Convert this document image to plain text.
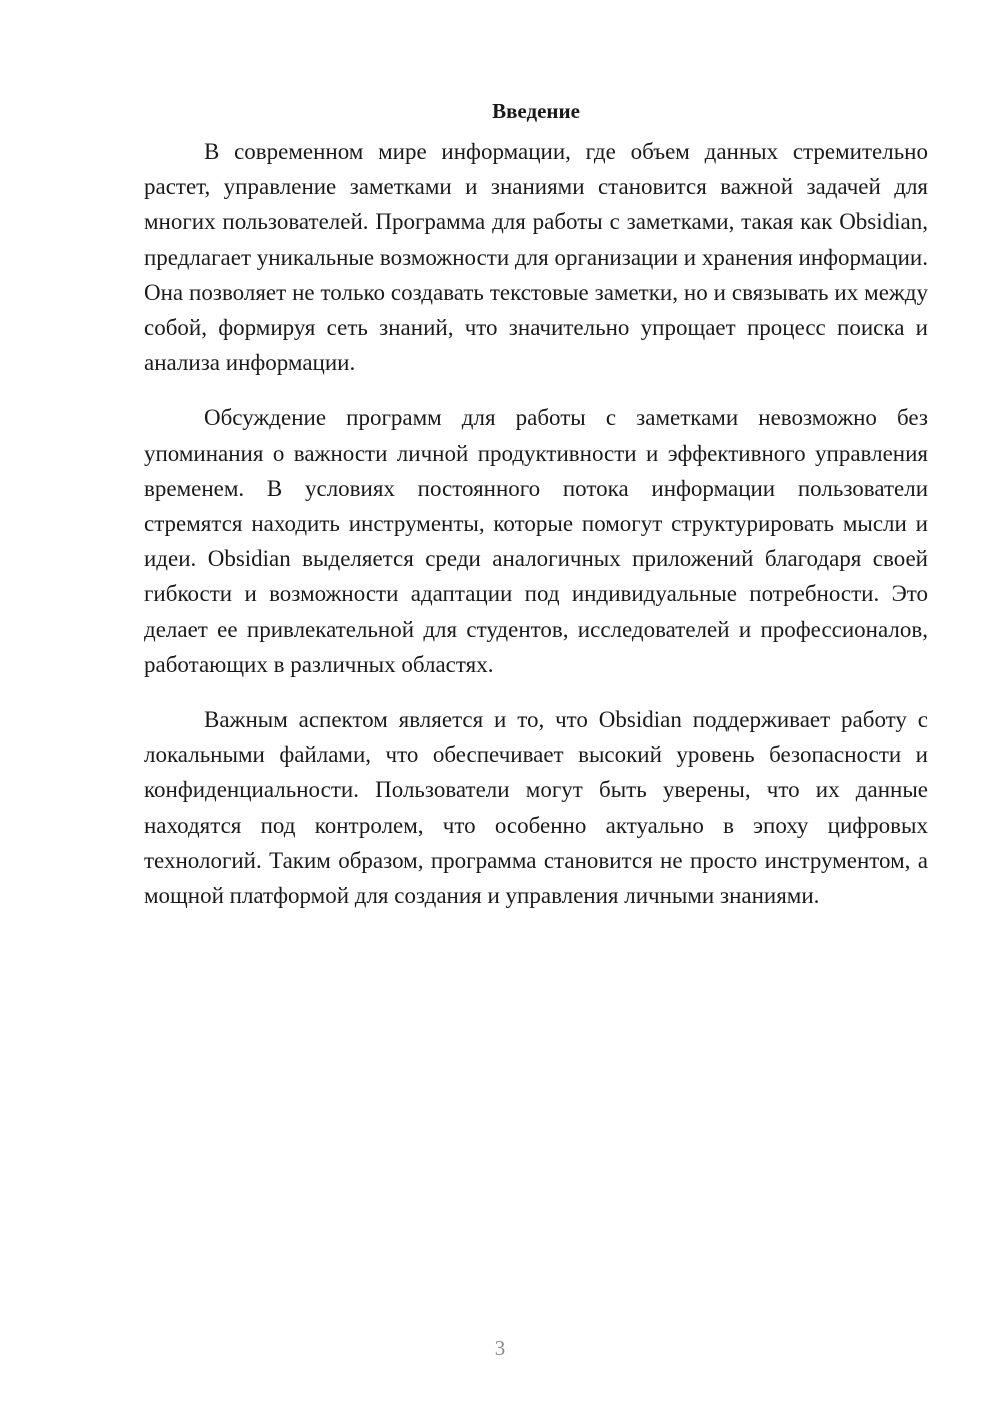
Введение

В современном мире информации, где объем данных стремительно растет, управление заметками и знаниями становится важной задачей для многих пользователей. Программа для работы с заметками, такая как Obsidian, предлагает уникальные возможности для организации и хранения информации. Она позволяет не только создавать текстовые заметки, но и связывать их между собой, формируя сеть знаний, что значительно упрощает процесс поиска и анализа информации.

Обсуждение программ для работы с заметками невозможно без упоминания о важности личной продуктивности и эффективного управления временем. В условиях постоянного потока информации пользователи стремятся находить инструменты, которые помогут структурировать мысли и идеи. Obsidian выделяется среди аналогичных приложений благодаря своей гибкости и возможности адаптации под индивидуальные потребности. Это делает ее привлекательной для студентов, исследователей и профессионалов, работающих в различных областях.

Важным аспектом является и то, что Obsidian поддерживает работу с локальными файлами, что обеспечивает высокий уровень безопасности и конфиденциальности. Пользователи могут быть уверены, что их данные находятся под контролем, что особенно актуально в эпоху цифровых технологий. Таким образом, программа становится не просто инструментом, а мощной платформой для создания и управления личными знаниями.

3
